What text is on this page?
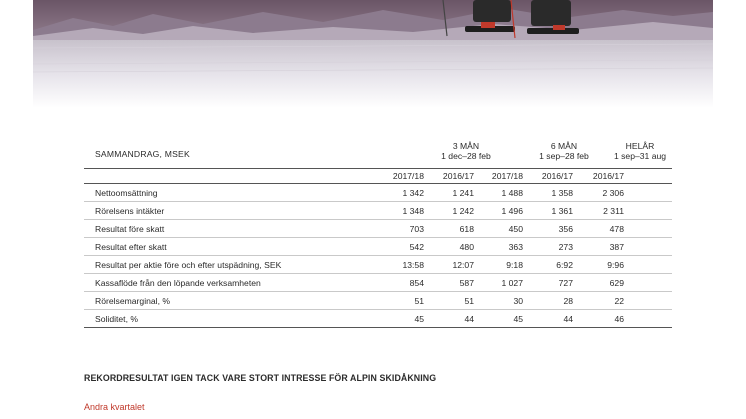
SAMMANDRAG, MSEK
3 MÅN
1 dec–28 feb
6 MÅN
1 sep–28 feb
HELÅR
1 sep–31 aug
	2017/18	2016/17	2017/18	2016/17	2016/17	
Nettoomsättning	1 342	1 241	1 488	1 358	2 306	
Rörelsens intäkter	1 348	1 242	1 496	1 361	2 311	
Resultat före skatt	703	618	450	356	478	
Resultat efter skatt	542	480	363	273	387	
Resultat per aktie före och efter utspädning, SEK	13:58	12:07	9:18	6:92	9:96	
Kassaflöde från den löpande verksamheten	854	587	1 027	727	629	
Rörelsemarginal, %	51	51	30	28	22	
Soliditet, %	45	44	45	44	46	
REKORDRESULTAT IGEN TACK VARE STORT INTRESSE FÖR ALPIN SKIDÅKNING
Andra kvartalet
